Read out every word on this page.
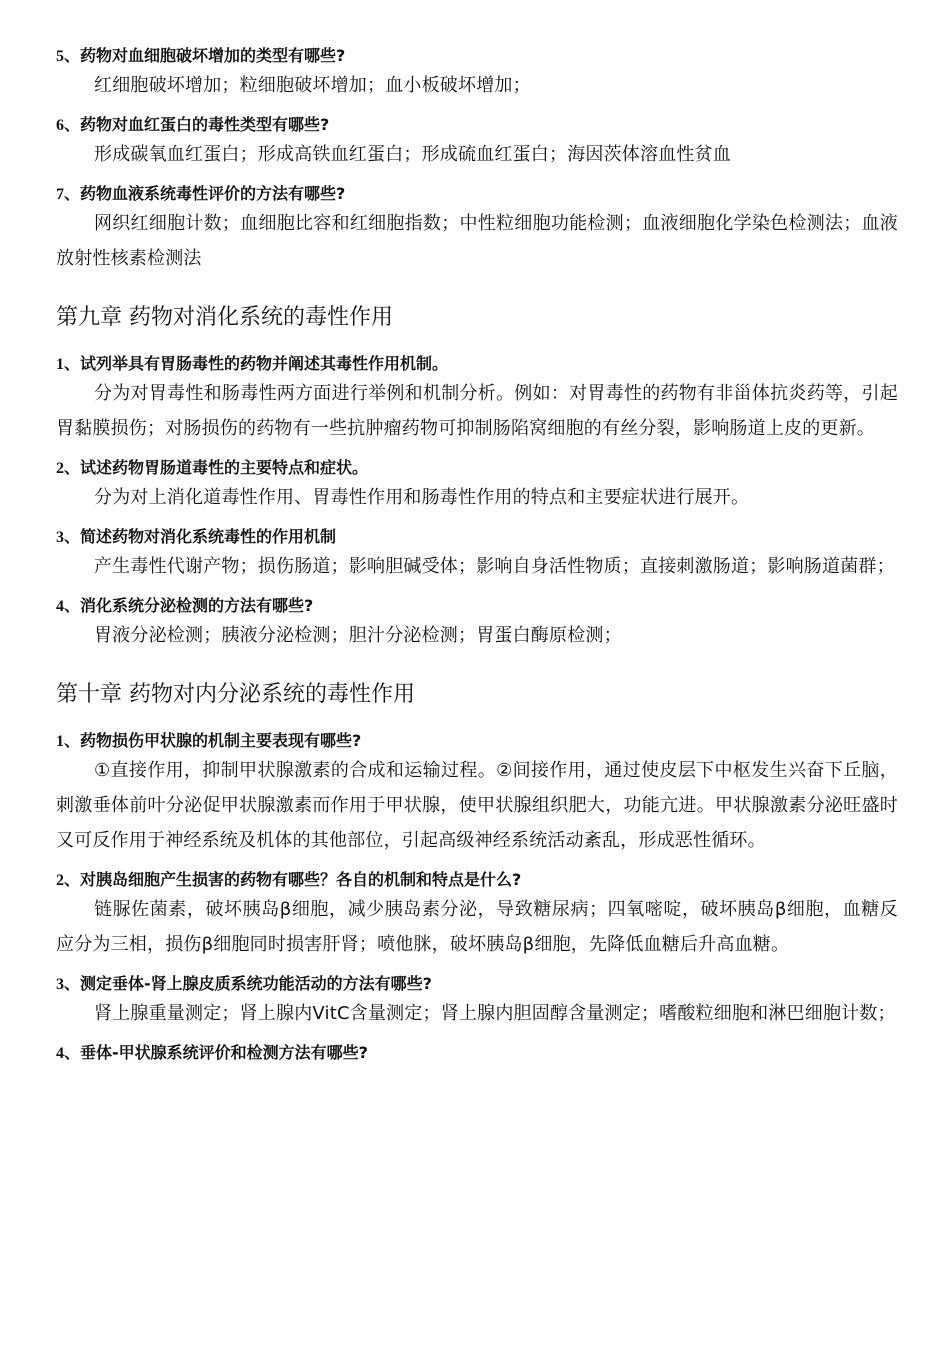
5、药物对血细胞破坏增加的类型有哪些?

红细胞破坏增加；粒细胞破坏增加；血小板破坏增加；

6、药物对血红蛋白的毒性类型有哪些?

形成碳氧血红蛋白；形成高铁血红蛋白；形成硫血红蛋白；海因茨体溶血性贫血

7、药物血液系统毒性评价的方法有哪些?

网织红细胞计数；血细胞比容和红细胞指数；中性粒细胞功能检测；血液细胞化学染色检测法；血液放射性核素检测法

第九章 药物对消化系统的毒性作用

1、试列举具有胃肠毒性的药物并阐述其毒性作用机制。

分为对胃毒性和肠毒性两方面进行举例和机制分析。例如：对胃毒性的药物有非甾体抗炎药等，引起胃黏膜损伤；对肠损伤的药物有一些抗肿瘤药物可抑制肠陷窝细胞的有丝分裂，影响肠道上皮的更新。

2、试述药物胃肠道毒性的主要特点和症状。

分为对上消化道毒性作用、胃毒性作用和肠毒性作用的特点和主要症状进行展开。

3、简述药物对消化系统毒性的作用机制

产生毒性代谢产物；损伤肠道；影响胆碱受体；影响自身活性物质；直接刺激肠道；影响肠道菌群；

4、消化系统分泌检测的方法有哪些?

胃液分泌检测；胰液分泌检测；胆汁分泌检测；胃蛋白酶原检测；

第十章 药物对内分泌系统的毒性作用

1、药物损伤甲状腺的机制主要表现有哪些?

①直接作用，抑制甲状腺激素的合成和运输过程。②间接作用，通过使皮层下中枢发生兴奋下丘脑，刺激垂体前叶分泌促甲状腺激素而作用于甲状腺，使甲状腺组织肥大，功能亢进。甲状腺激素分泌旺盛时又可反作用于神经系统及机体的其他部位，引起高级神经系统活动紊乱，形成恶性循环。

2、对胰岛细胞产生损害的药物有哪些？各自的机制和特点是什么?

链脲佐菌素，破坏胰岛β细胞，减少胰岛素分泌，导致糖尿病；四氧嘧啶，破坏胰岛β细胞，血糖反应分为三相，损伤β细胞同时损害肝肾；喷他脒，破坏胰岛β细胞，先降低血糖后升高血糖。

3、测定垂体-肾上腺皮质系统功能活动的方法有哪些?

肾上腺重量测定；肾上腺内VitC含量测定；肾上腺内胆固醇含量测定；嗜酸粒细胞和淋巴细胞计数；

4、垂体-甲状腺系统评价和检测方法有哪些?
